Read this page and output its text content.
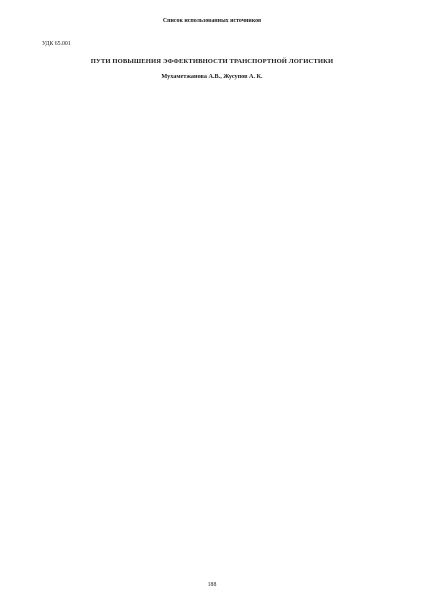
Список использованных источников

УДК 65.001
ПУТИ ПОВЫШЕНИЯ ЭФФЕКТИВНОСТИ ТРАНСПОРТНОЙ ЛОГИСТИКИ
Мухаметжанова А.В., Жусупов А. К.

188
